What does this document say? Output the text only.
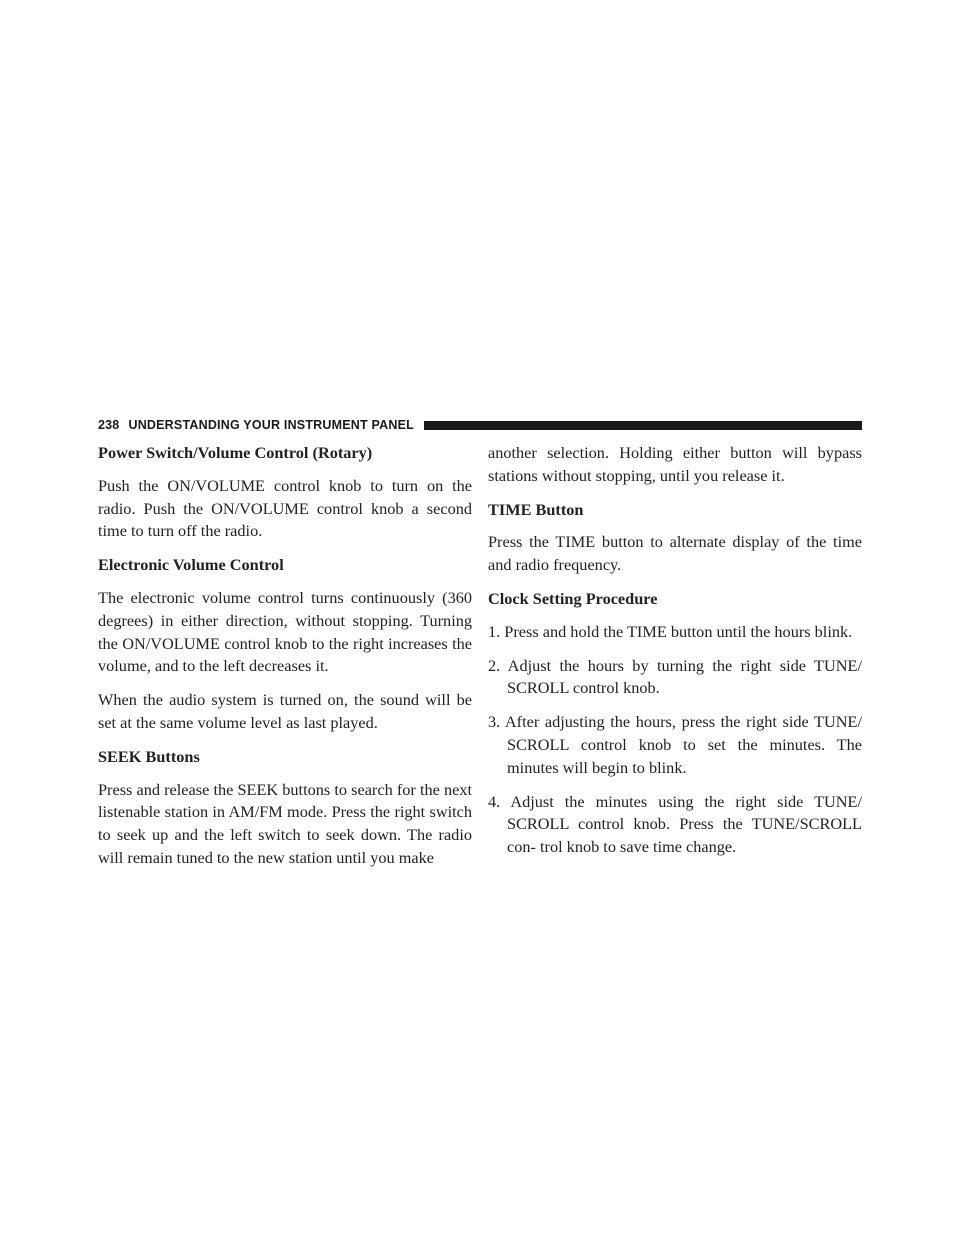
238 UNDERSTANDING YOUR INSTRUMENT PANEL
Power Switch/Volume Control (Rotary)

Push the ON/VOLUME control knob to turn on the radio. Push the ON/VOLUME control knob a second time to turn off the radio.

Electronic Volume Control

The electronic volume control turns continuously (360 degrees) in either direction, without stopping. Turning the ON/VOLUME control knob to the right increases the volume, and to the left decreases it.

When the audio system is turned on, the sound will be set at the same volume level as last played.

SEEK Buttons

Press and release the SEEK buttons to search for the next listenable station in AM/FM mode. Press the right switch to seek up and the left switch to seek down. The radio will remain tuned to the new station until you make

another selection. Holding either button will bypass stations without stopping, until you release it.

TIME Button

Press the TIME button to alternate display of the time and radio frequency.

Clock Setting Procedure
1. Press and hold the TIME button until the hours blink.
2. Adjust the hours by turning the right side TUNE/ SCROLL control knob.
3. After adjusting the hours, press the right side TUNE/ SCROLL control knob to set the minutes. The minutes will begin to blink.
4. Adjust the minutes using the right side TUNE/ SCROLL control knob. Press the TUNE/SCROLL con- trol knob to save time change.
